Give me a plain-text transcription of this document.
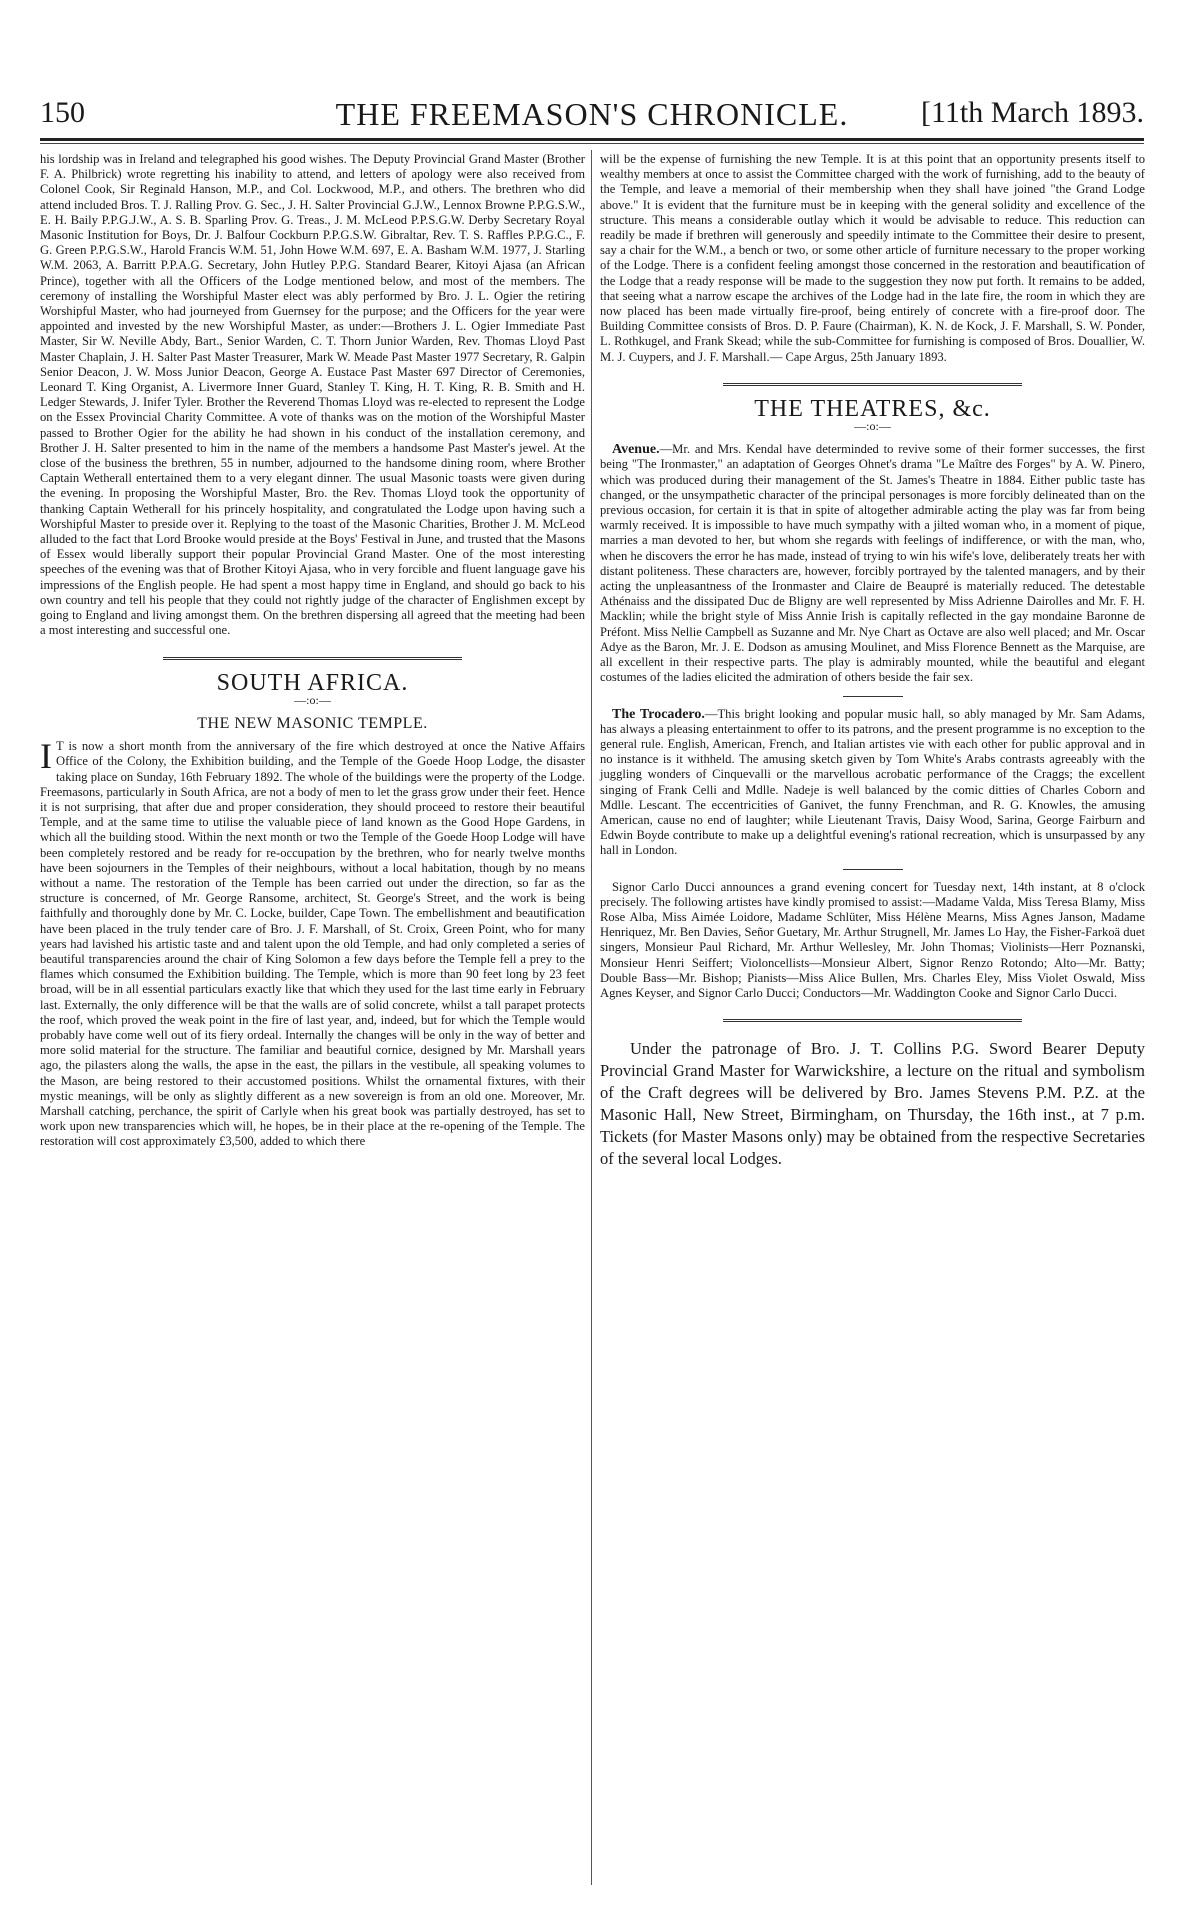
150	THE FREEMASON'S CHRONICLE.	[11th March 1893.

his lordship was in Ireland and telegraphed his good wishes. The Deputy Provincial Grand Master (Brother F. A. Philbrick) wrote regretting his inability to attend, and letters of apology were also received from Colonel Cook, Sir Reginald Hanson, M.P., and Col. Lockwood, M.P., and others. The brethren who did attend included Bros. T. J. Ralling Prov. G. Sec., J. H. Salter Provincial G.J.W., Lennox Browne P.P.G.S.W., E. H. Baily P.P.G.J.W., A. S. B. Sparling Prov. G. Treas., J. M. McLeod P.P.S.G.W. Derby Secretary Royal Masonic Institution for Boys, Dr. J. Balfour Cockburn P.P.G.S.W. Gibraltar, Rev. T. S. Raffles P.P.G.C., F. G. Green P.P.G.S.W., Harold Francis W.M. 51, John Howe W.M. 697, E. A. Basham W.M. 1977, J. Starling W.M. 2063, A. Barritt P.P.A.G. Secretary, John Hutley P.P.G. Standard Bearer, Kitoyi Ajasa (an African Prince), together with all the Officers of the Lodge mentioned below, and most of the members. The ceremony of installing the Worshipful Master elect was ably performed by Bro. J. L. Ogier the retiring Worshipful Master, who had journeyed from Guernsey for the purpose; and the Officers for the year were appointed and invested by the new Worshipful Master, as under:—Brothers J. L. Ogier Immediate Past Master, Sir W. Neville Abdy, Bart., Senior Warden, C. T. Thorn Junior Warden, Rev. Thomas Lloyd Past Master Chaplain, J. H. Salter Past Master Treasurer, Mark W. Meade Past Master 1977 Secretary, R. Galpin Senior Deacon, J. W. Moss Junior Deacon, George A. Eustace Past Master 697 Director of Ceremonies, Leonard T. King Organist, A. Livermore Inner Guard, Stanley T. King, H. T. King, R. B. Smith and H. Ledger Stewards, J. Inifer Tyler. Brother the Reverend Thomas Lloyd was re-elected to represent the Lodge on the Essex Provincial Charity Committee. A vote of thanks was on the motion of the Worshipful Master passed to Brother Ogier for the ability he had shown in his conduct of the installation ceremony, and Brother J. H. Salter presented to him in the name of the members a handsome Past Master's jewel. At the close of the business the brethren, 55 in number, adjourned to the handsome dining room, where Brother Captain Wetherall entertained them to a very elegant dinner. The usual Masonic toasts were given during the evening. In proposing the Worshipful Master, Bro. the Rev. Thomas Lloyd took the opportunity of thanking Captain Wetherall for his princely hospitality, and congratulated the Lodge upon having such a Worshipful Master to preside over it. Replying to the toast of the Masonic Charities, Brother J. M. McLeod alluded to the fact that Lord Brooke would preside at the Boys' Festival in June, and trusted that the Masons of Essex would liberally support their popular Provincial Grand Master. One of the most interesting speeches of the evening was that of Brother Kitoyi Ajasa, who in very forcible and fluent language gave his impressions of the English people. He had spent a most happy time in England, and should go back to his own country and tell his people that they could not rightly judge of the character of Englishmen except by going to England and living amongst them. On the brethren dispersing all agreed that the meeting had been a most interesting and successful one.

SOUTH AFRICA.
—:o:—
THE NEW MASONIC TEMPLE.

I T is now a short month from the anniversary of the fire which destroyed at once the Native Affairs Office of the Colony, the Exhibition building, and the Temple of the Goede Hoop Lodge, the disaster taking place on Sunday, 16th February 1892. The whole of the buildings were the property of the Lodge. Freemasons, particularly in South Africa, are not a body of men to let the grass grow under their feet. Hence it is not surprising, that after due and proper consideration, they should proceed to restore their beautiful Temple, and at the same time to utilise the valuable piece of land known as the Good Hope Gardens, in which all the building stood. Within the next month or two the Temple of the Goede Hoop Lodge will have been completely restored and be ready for re-occupation by the brethren, who for nearly twelve months have been sojourners in the Temples of their neighbours, without a local habitation, though by no means without a name. The restoration of the Temple has been carried out under the direction, so far as the structure is concerned, of Mr. George Ransome, architect, St. George's Street, and the work is being faithfully and thoroughly done by Mr. C. Locke, builder, Cape Town. The embellishment and beautification have been placed in the truly tender care of Bro. J. F. Marshall, of St. Croix, Green Point, who for many years had lavished his artistic taste and and talent upon the old Temple, and had only completed a series of beautiful transparencies around the chair of King Solomon a few days before the Temple fell a prey to the flames which consumed the Exhibition building. The Temple, which is more than 90 feet long by 23 feet broad, will be in all essential particulars exactly like that which they used for the last time early in February last. Externally, the only difference will be that the walls are of solid concrete, whilst a tall parapet protects the roof, which proved the weak point in the fire of last year, and, indeed, but for which the Temple would probably have come well out of its fiery ordeal. Internally the changes will be only in the way of better and more solid material for the structure. The familiar and beautiful cornice, designed by Mr. Marshall years ago, the pilasters along the walls, the apse in the east, the pillars in the vestibule, all speaking volumes to the Mason, are being restored to their accustomed positions. Whilst the ornamental fixtures, with their mystic meanings, will be only as slightly different as a new sovereign is from an old one. Moreover, Mr. Marshall catching, perchance, the spirit of Carlyle when his great book was partially destroyed, has set to work upon new transparencies which will, he hopes, be in their place at the re-opening of the Temple. The restoration will cost approximately £3,500, added to which there

will be the expense of furnishing the new Temple. It is at this point that an opportunity presents itself to wealthy members at once to assist the Committee charged with the work of furnishing, add to the beauty of the Temple, and leave a memorial of their membership when they shall have joined "the Grand Lodge above." It is evident that the furniture must be in keeping with the general solidity and excellence of the structure. This means a considerable outlay which it would be advisable to reduce. This reduction can readily be made if brethren will generously and speedily intimate to the Committee their desire to present, say a chair for the W.M., a bench or two, or some other article of furniture necessary to the proper working of the Lodge. There is a confident feeling amongst those concerned in the restoration and beautification of the Lodge that a ready response will be made to the suggestion they now put forth. It remains to be added, that seeing what a narrow escape the archives of the Lodge had in the late fire, the room in which they are now placed has been made virtually fire-proof, being entirely of concrete with a fire-proof door. The Building Committee consists of Bros. D. P. Faure (Chairman), K. N. de Kock, J. F. Marshall, S. W. Ponder, L. Rothkugel, and Frank Skead; while the sub-Committee for furnishing is composed of Bros. Douallier, W. M. J. Cuypers, and J. F. Marshall.— Cape Argus, 25th January 1893.

THE THEATRES, &c.
—:o:—

Avenue.—Mr. and Mrs. Kendal have determinded to revive some of their former successes, the first being "The Ironmaster," an adaptation of Georges Ohnet's drama "Le Maître des Forges" by A. W. Pinero, which was produced during their management of the St. James's Theatre in 1884. Either public taste has changed, or the unsympathetic character of the principal personages is more forcibly delineated than on the previous occasion, for certain it is that in spite of altogether admirable acting the play was far from being warmly received. It is impossible to have much sympathy with a jilted woman who, in a moment of pique, marries a man devoted to her, but whom she regards with feelings of indifference, or with the man, who, when he discovers the error he has made, instead of trying to win his wife's love, deliberately treats her with distant politeness. These characters are, however, forcibly portrayed by the talented managers, and by their acting the unpleasantness of the Ironmaster and Claire de Beaupré is materially reduced. The detestable Athénaiss and the dissipated Duc de Bligny are well represented by Miss Adrienne Dairolles and Mr. F. H. Macklin; while the bright style of Miss Annie Irish is capitally reflected in the gay mondaine Baronne de Préfont. Miss Nellie Campbell as Suzanne and Mr. Nye Chart as Octave are also well placed; and Mr. Oscar Adye as the Baron, Mr. J. E. Dodson as amusing Moulinet, and Miss Florence Bennett as the Marquise, are all excellent in their respective parts. The play is admirably mounted, while the beautiful and elegant costumes of the ladies elicited the admiration of others beside the fair sex.

The Trocadero.—This bright looking and popular music hall, so ably managed by Mr. Sam Adams, has always a pleasing entertainment to offer to its patrons, and the present programme is no exception to the general rule. English, American, French, and Italian artistes vie with each other for public approval and in no instance is it withheld. The amusing sketch given by Tom White's Arabs contrasts agreeably with the juggling wonders of Cinquevalli or the marvellous acrobatic performance of the Craggs; the excellent singing of Frank Celli and Mdlle. Nadeje is well balanced by the comic ditties of Charles Coborn and Mdlle. Lescant. The eccentricities of Ganivet, the funny Frenchman, and R. G. Knowles, the amusing American, cause no end of laughter; while Lieutenant Travis, Daisy Wood, Sarina, George Fairburn and Edwin Boyde contribute to make up a delightful evening's rational recreation, which is unsurpassed by any hall in London.

Signor Carlo Ducci announces a grand evening concert for Tuesday next, 14th instant, at 8 o'clock precisely. The following artistes have kindly promised to assist:—Madame Valda, Miss Teresa Blamy, Miss Rose Alba, Miss Aimée Loidore, Madame Schlüter, Miss Hélène Mearns, Miss Agnes Janson, Madame Henriquez, Mr. Ben Davies, Señor Guetary, Mr. Arthur Strugnell, Mr. James Lo Hay, the Fisher-Farkoä duet singers, Monsieur Paul Richard, Mr. Arthur Wellesley, Mr. John Thomas; Violinists—Herr Poznanski, Monsieur Henri Seiffert; Violoncellists—Monsieur Albert, Signor Renzo Rotondo; Alto—Mr. Batty; Double Bass—Mr. Bishop; Pianists—Miss Alice Bullen, Mrs. Charles Eley, Miss Violet Oswald, Miss Agnes Keyser, and Signor Carlo Ducci; Conductors—Mr. Waddington Cooke and Signor Carlo Ducci.

Under the patronage of Bro. J. T. Collins P.G. Sword Bearer Deputy Provincial Grand Master for Warwickshire, a lecture on the ritual and symbolism of the Craft degrees will be delivered by Bro. James Stevens P.M. P.Z. at the Masonic Hall, New Street, Birmingham, on Thursday, the 16th inst., at 7 p.m. Tickets (for Master Masons only) may be obtained from the respective Secretaries of the several local Lodges.
